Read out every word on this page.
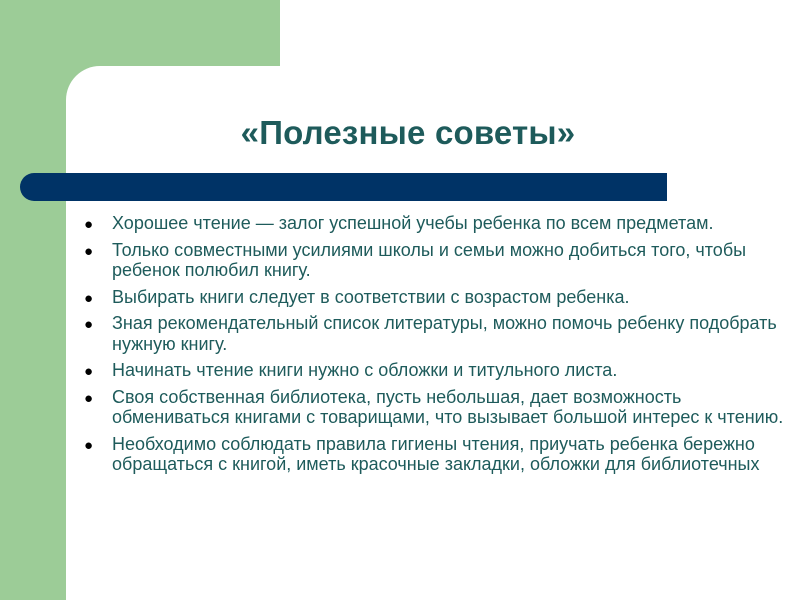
«Полезные советы»
● Хорошее чтение — залог успешной учебы ребенка по всем предметам.
● Только совместными усилиями школы и семьи можно добиться того, чтобы ребенок полюбил книгу.
● Выбирать книги следует в соответствии с возрастом ребенка.
● Зная рекомендательный список литературы, можно помочь ребенку подобрать нужную книгу.
● Начинать чтение книги нужно с обложки и титульного листа.
● Своя собственная библиотека, пусть небольшая, дает возможность обмениваться книгами с товарищами, что вызывает большой интерес к чтению.
● Необходимо соблюдать правила гигиены чтения, приучать ребенка бережно обращаться с книгой, иметь красочные закладки, обложки для библиотечных
